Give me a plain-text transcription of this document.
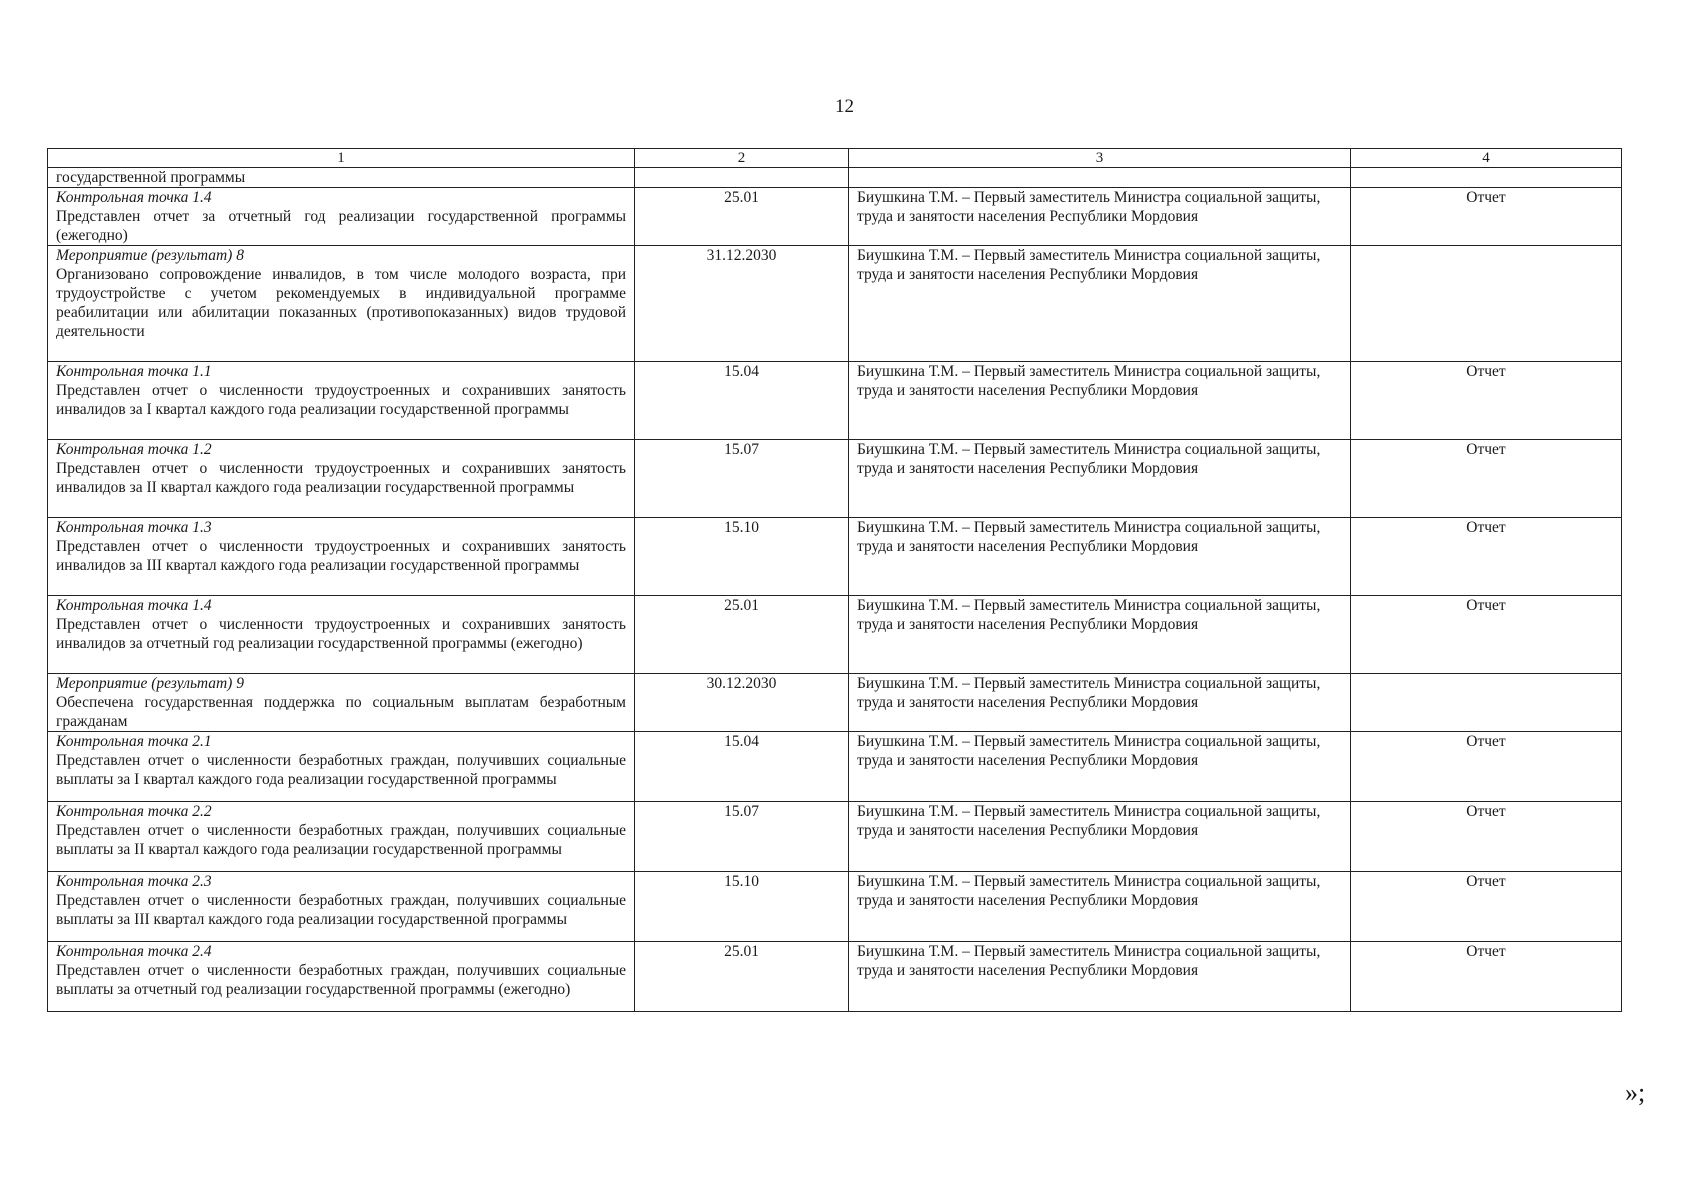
12
1	2	3	4

государственной программы			

Контрольная точка 1.4
Представлен отчет за отчетный год реализации государственной программы (ежегодно)	25.01	Биушкина Т.М. – Первый заместитель Министра социальной защиты, труда и занятости населения Республики Мордовия	Отчет

Мероприятие (результат) 8
Организовано сопровождение инвалидов, в том числе молодого возраста, при трудоустройстве с учетом рекомендуемых в индивидуальной программе реабилитации или абилитации показанных (противопоказанных) видов трудовой деятельности	31.12.2030	Биушкина Т.М. – Первый заместитель Министра социальной защиты, труда и занятости населения Республики Мордовия	

Контрольная точка 1.1
Представлен отчет о численности трудоустроенных и сохранивших занятость инвалидов за I квартал каждого года реализации государственной программы	15.04	Биушкина Т.М. – Первый заместитель Министра социальной защиты, труда и занятости населения Республики Мордовия	Отчет

Контрольная точка 1.2
Представлен отчет о численности трудоустроенных и сохранивших занятость инвалидов за II квартал каждого года реализации государственной программы	15.07	Биушкина Т.М. – Первый заместитель Министра социальной защиты, труда и занятости населения Республики Мордовия	Отчет

Контрольная точка 1.3
Представлен отчет о численности трудоустроенных и сохранивших занятость инвалидов за III квартал каждого года реализации государственной программы	15.10	Биушкина Т.М. – Первый заместитель Министра социальной защиты, труда и занятости населения Республики Мордовия	Отчет

Контрольная точка 1.4
Представлен отчет о численности трудоустроенных и сохранивших занятость инвалидов за отчетный год реализации государственной программы (ежегодно)	25.01	Биушкина Т.М. – Первый заместитель Министра социальной защиты, труда и занятости населения Республики Мордовия	Отчет

Мероприятие (результат) 9
Обеспечена государственная поддержка по социальным выплатам безработным гражданам	30.12.2030	Биушкина Т.М. – Первый заместитель Министра социальной защиты, труда и занятости населения Республики Мордовия	

Контрольная точка 2.1
Представлен отчет о численности безработных граждан, получивших социальные выплаты за I квартал каждого года реализации государственной программы	15.04	Биушкина Т.М. – Первый заместитель Министра социальной защиты, труда и занятости населения Республики Мордовия	Отчет

Контрольная точка 2.2
Представлен отчет о численности безработных граждан, получивших социальные выплаты за II квартал каждого года реализации государственной программы	15.07	Биушкина Т.М. – Первый заместитель Министра социальной защиты, труда и занятости населения Республики Мордовия	Отчет

Контрольная точка 2.3
Представлен отчет о численности безработных граждан, получивших социальные выплаты за III квартал каждого года реализации государственной программы	15.10	Биушкина Т.М. – Первый заместитель Министра социальной защиты, труда и занятости населения Республики Мордовия	Отчет

Контрольная точка 2.4
Представлен отчет о численности безработных граждан, получивших социальные выплаты за отчетный год реализации государственной программы (ежегодно)	25.01	Биушкина Т.М. – Первый заместитель Министра социальной защиты, труда и занятости населения Республики Мордовия	Отчет
»;
